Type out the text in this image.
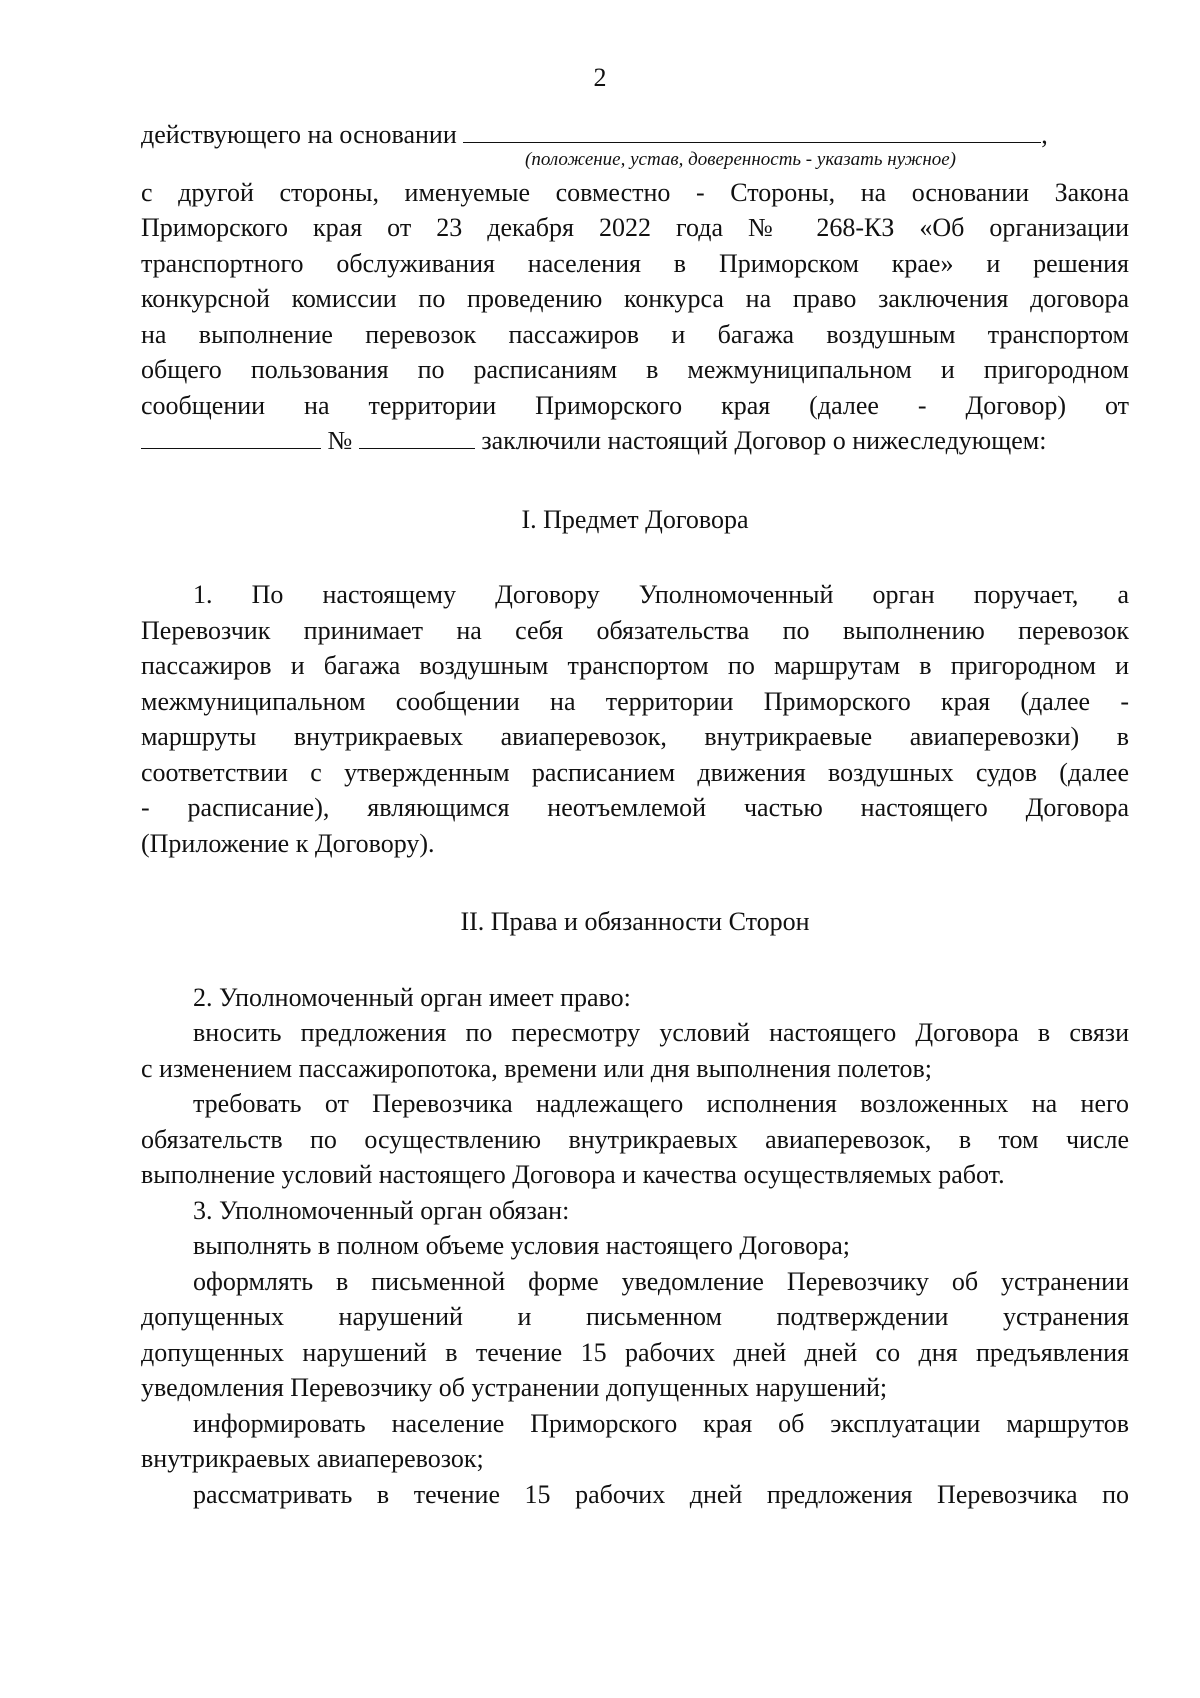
2
действующего на основании	,
(положение, устав, доверенность - указать нужное)
с другой стороны, именуемые совместно - Стороны, на основании Закона
Приморского края от 23 декабря 2022 года № 268-КЗ «Об организации
транспортного обслуживания населения в Приморском крае» и решения
конкурсной комиссии по проведению конкурса на право заключения договора
на выполнение перевозок пассажиров и багажа воздушным транспортом
общего пользования по расписаниям в межмуниципальном и пригородном
сообщении на территории Приморского края (далее - Договор) от
№	заключили настоящий Договор о нижеследующем:
I. Предмет Договора
1. По настоящему Договору Уполномоченный орган поручает, а
Перевозчик принимает на себя обязательства по выполнению перевозок
пассажиров и багажа воздушным транспортом по маршрутам в пригородном и
межмуниципальном сообщении на территории Приморского края (далее -
маршруты внутрикраевых авиаперевозок, внутрикраевые авиаперевозки) в
соответствии с утвержденным расписанием движения воздушных судов (далее
- расписание), являющимся неотъемлемой частью настоящего Договора
(Приложение к Договору).
II. Права и обязанности Сторон
2. Уполномоченный орган имеет право:
вносить предложения по пересмотру условий настоящего Договора в связи
с изменением пассажиропотока, времени или дня выполнения полетов;
требовать от Перевозчика надлежащего исполнения возложенных на него
обязательств по осуществлению внутрикраевых авиаперевозок, в том числе
выполнение условий настоящего Договора и качества осуществляемых работ.
3. Уполномоченный орган обязан:
выполнять в полном объеме условия настоящего Договора;
оформлять в письменной форме уведомление Перевозчику об устранении
допущенных нарушений и письменном подтверждении устранения
допущенных нарушений в течение 15 рабочих дней дней со дня предъявления
уведомления Перевозчику об устранении допущенных нарушений;
информировать население Приморского края об эксплуатации маршрутов
внутрикраевых авиаперевозок;
рассматривать в течение 15 рабочих дней предложения Перевозчика по
